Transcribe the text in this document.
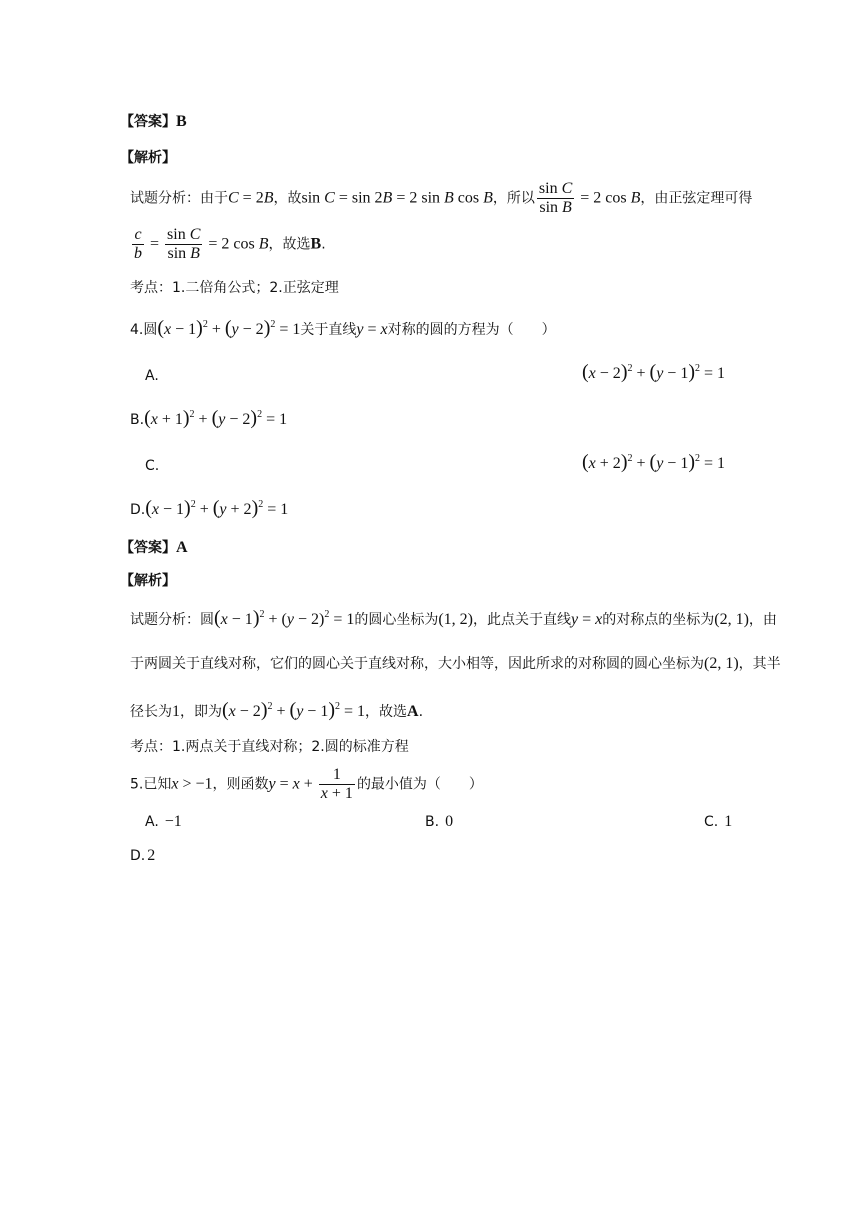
【答案】B
【解析】
试题分析：由于C = 2B，故sin C = sin 2B = 2 sin B cos B，所以 $\frac{\text{sin C}}{\text{sin B}} = 2$ cos B，由正弦定理可得
$\frac{c}{b} = \frac{\text{sin C}}{\text{sin B}} = 2$ cos B，故选B.
考点：1.二倍角公式；2.正弦定理
4.圆$(x - 1)^2 + (y - 2)^2 = 1$关于直线y = x对称的圆的方程为（　　）
A.	$(x - 2)^2 + (y - 1)^2 = 1$
$B.(x + 1)^2 + (y - 2)^2 = 1$
C.	$(x + 2)^2 + (y - 1)^2 = 1$
$D.(x - 1)^2 + (y + 2)^2 = 1$
【答案】A
【解析】
试题分析：圆$(x - 1)^2 + (y - 2)^2 = 1$的圆心坐标为(1, 2)，此点关于直线y = x的对称点的坐标为(2, 1)，由
于两圆关于直线对称，它们的圆心关于直线对称，大小相等，因此所求的对称圆的圆心坐标为(2, 1)，其半
径长为1，即为$(x - 2)^2 + (y - 1)^2 = 1$，故选A.
考点：1.两点关于直线对称；2.圆的标准方程
5.已知x > −1，则函数$y = x + \frac{1}{x + 1}$ 的最小值为（　　）
A. −1	B. 0	C. 1
D. 2
